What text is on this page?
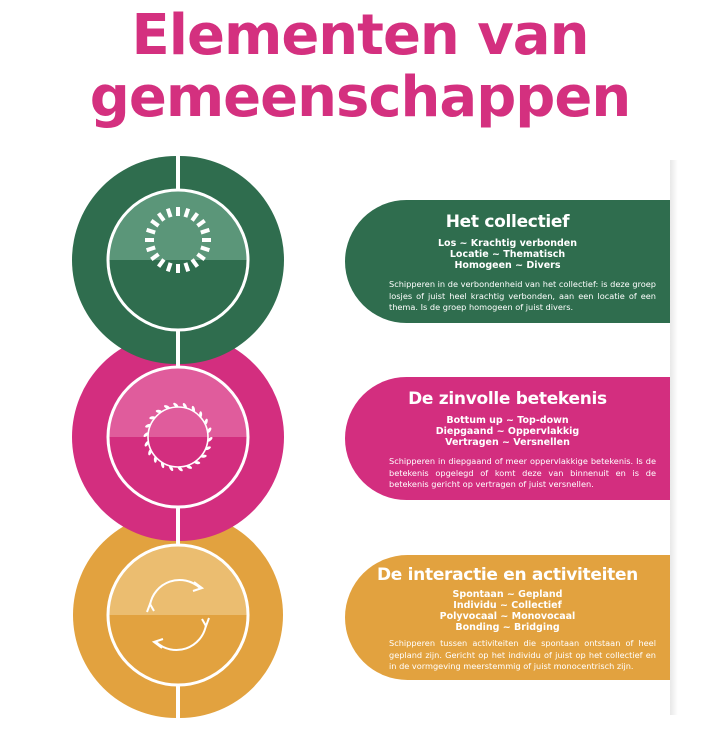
Elementen van
gemeenschappen
Het collectief
Los ~ Krachtig verbonden
Locatie ~ Thematisch
Homogeen ~ Divers

Schipperen in de verbondenheid van het collectief: is deze groep losjes of juist heel krachtig verbonden, aan een locatie of een thema. Is de groep homogeen of juist divers.

De zinvolle betekenis
Bottum up ~ Top-down
Diepgaand ~ Oppervlakkig
Vertragen ~ Versnellen

Schipperen in diepgaand of meer oppervlakkige betekenis. Is de betekenis opgelegd of komt deze van binnenuit en is de betekenis gericht op vertragen of juist versnellen.

De interactie en activiteiten
Spontaan ~ Gepland
Individu ~ Collectief
Polyvocaal ~ Monovocaal
Bonding ~ Bridging

Schipperen tussen activiteiten die spontaan ontstaan of heel gepland zijn. Gericht op het individu of juist op het collectief en in de vormgeving meerstemmig of juist monocentrisch zijn.
